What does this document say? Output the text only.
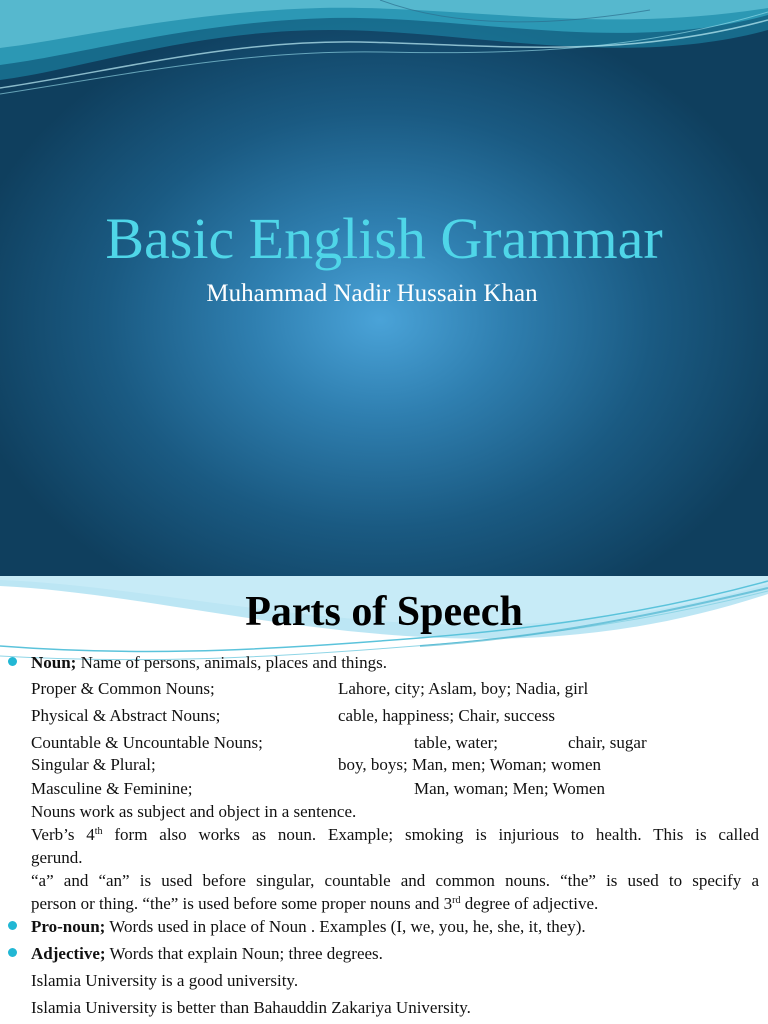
Basic English Grammar
Muhammad Nadir Hussain Khan
Parts of Speech
Noun; Name of persons, animals, places and things.
Proper & Common Nouns;	Lahore, city; Aslam, boy; Nadia, girl
Physical & Abstract Nouns;	cable, happiness; Chair, success
Countable & Uncountable Nouns;	table, water;	chair, sugar
Singular & Plural;	boy, boys; Man, men; Woman; women
Masculine & Feminine;	Man, woman; Men; Women
Nouns work as subject and object in a sentence.
Verb’s 4th form also works as noun. Example; smoking is injurious to health. This is called
gerund.
“a” and “an” is used before singular, countable and common nouns. “the” is used to specify a
person or thing. “the” is used before some proper nouns and 3rd degree of adjective.
Pro-noun; Words used in place of Noun . Examples (I, we, you, he, she, it, they).
Adjective; Words that explain Noun; three degrees.
Islamia University is a good university.
Islamia University is better than Bahauddin Zakariya University.
